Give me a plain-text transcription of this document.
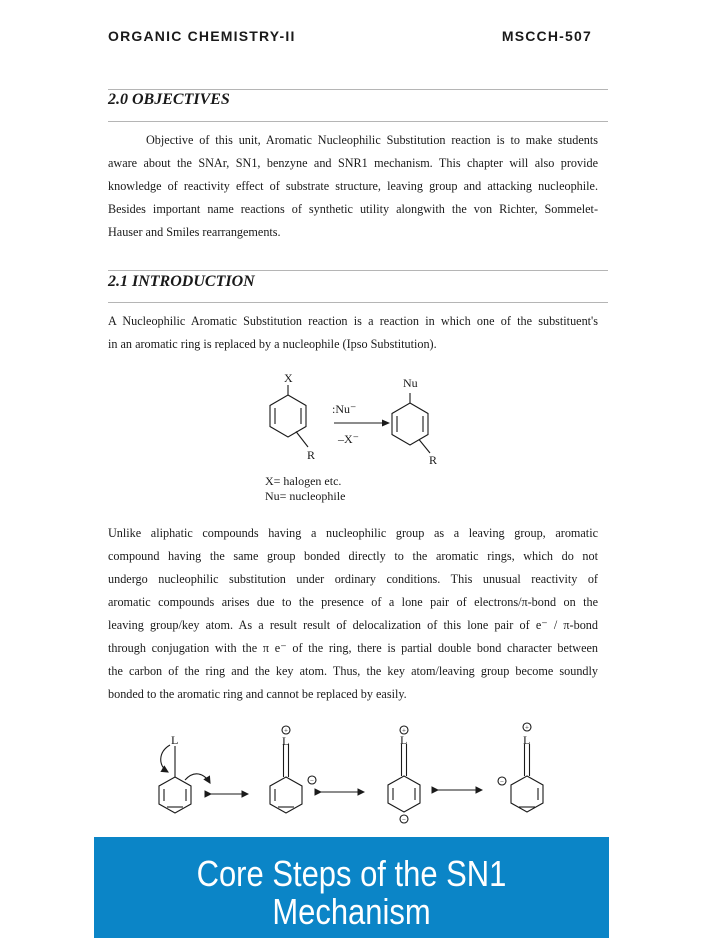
ORGANIC CHEMISTRY-II	MSCCH-507
2.0 OBJECTIVES
Objective of this unit, Aromatic Nucleophilic Substitution reaction is to make students
aware about the SNAr, SN1, benzyne and SNR1 mechanism. This chapter will also provide
knowledge of reactivity effect of substrate structure, leaving group and attacking nucleophile.
Besides important name reactions of synthetic utility alongwith the von Richter, Sommelet-
Hauser and Smiles rearrangements.
2.1 INTRODUCTION
A Nucleophilic Aromatic Substitution reaction is a reaction in which one of the substituent's
in an aromatic ring is replaced by a nucleophile (Ipso Substitution).
X
R
:Nu⁻
–X⁻
Nu
R
X= halogen etc.
Nu= nucleophile
Unlike aliphatic compounds having a nucleophilic group as a leaving group, aromatic
compound having the same group bonded directly to the aromatic rings, which do not
undergo nucleophilic substitution under ordinary conditions. This unusual reactivity of
aromatic compounds arises due to the presence of a lone pair of electrons/π-bond on the
leaving group/key atom. As a result result of delocalization of this lone pair of e⁻ / π-bond
through conjugation with the π e⁻ of the ring, there is partial double bond character between
the carbon of the ring and the key atom. Thus, the key atom/leaving group become soundly
bonded to the aromatic ring and cannot be replaced by easily.
L	L	L	L
+
−
+
−
+
−
Core Steps of the SN1 Mechanism
